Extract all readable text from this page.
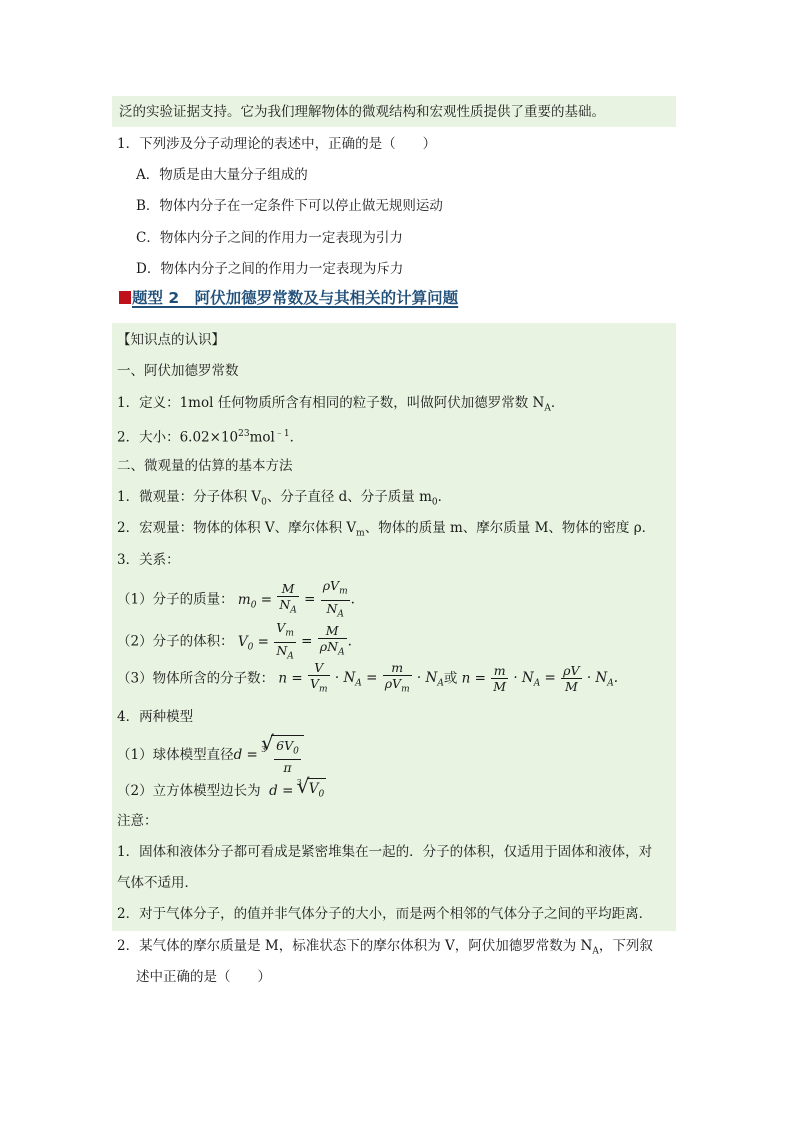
泛的实验证据支持。它为我们理解物体的微观结构和宏观性质提供了重要的基础。
1．下列涉及分子动理论的表述中，正确的是（　　）
A．物质是由大量分子组成的
B．物体内分子在一定条件下可以停止做无规则运动
C．物体内分子之间的作用力一定表现为引力
D．物体内分子之间的作用力一定表现为斥力
题型 2　阿伏加德罗常数及与其相关的计算问题
【知识点的认识】
一、阿伏加德罗常数
1．定义：1mol 任何物质所含有相同的粒子数，叫做阿伏加德罗常数 $N_A$．
2．大小：$6.02\times 10^{23}mol^{﹣1}$．
二、微观量的估算的基本方法
1．微观量：分子体积 $V_0$、分子直径 d、分子质量 $m_0$．
2．宏观量：物体的体积 V、摩尔体积 $V_m$、物体的质量 m、摩尔质量 M、物体的密度 ρ．
3．关系：
（1）分子的质量： $m_0 = \frac{M}{N_A} = \frac{\rho V_m}{N_A}$ .
（2）分子的体积： $V_0 = \frac{V_m}{N_A} = \frac{M}{\rho N_A}$ .
（3）物体所含的分子数： $n = \frac{V}{V_m} \cdot N_A = \frac{m}{\rho V_m} \cdot N_A$或 $n = \frac{m}{M} \cdot N_A = \frac{\rho V}{M} \cdot N_A$.
4．两种模型
（1）球体模型直径d =
√ $3 \frac{6V_0}{\pi}$
（2）立方体模型边长为  d =
√ 3 $V_0$
注意：
1．固体和液体分子都可看成是紧密堆集在一起的．分子的体积，仅适用于固体和液体，对
气体不适用．
2．对于气体分子，的值并非气体分子的大小，而是两个相邻的气体分子之间的平均距离．
2．某气体的摩尔质量是 M，标准状态下的摩尔体积为 V，阿伏加德罗常数为 $N_A$，下列叙
述中正确的是（　　）
